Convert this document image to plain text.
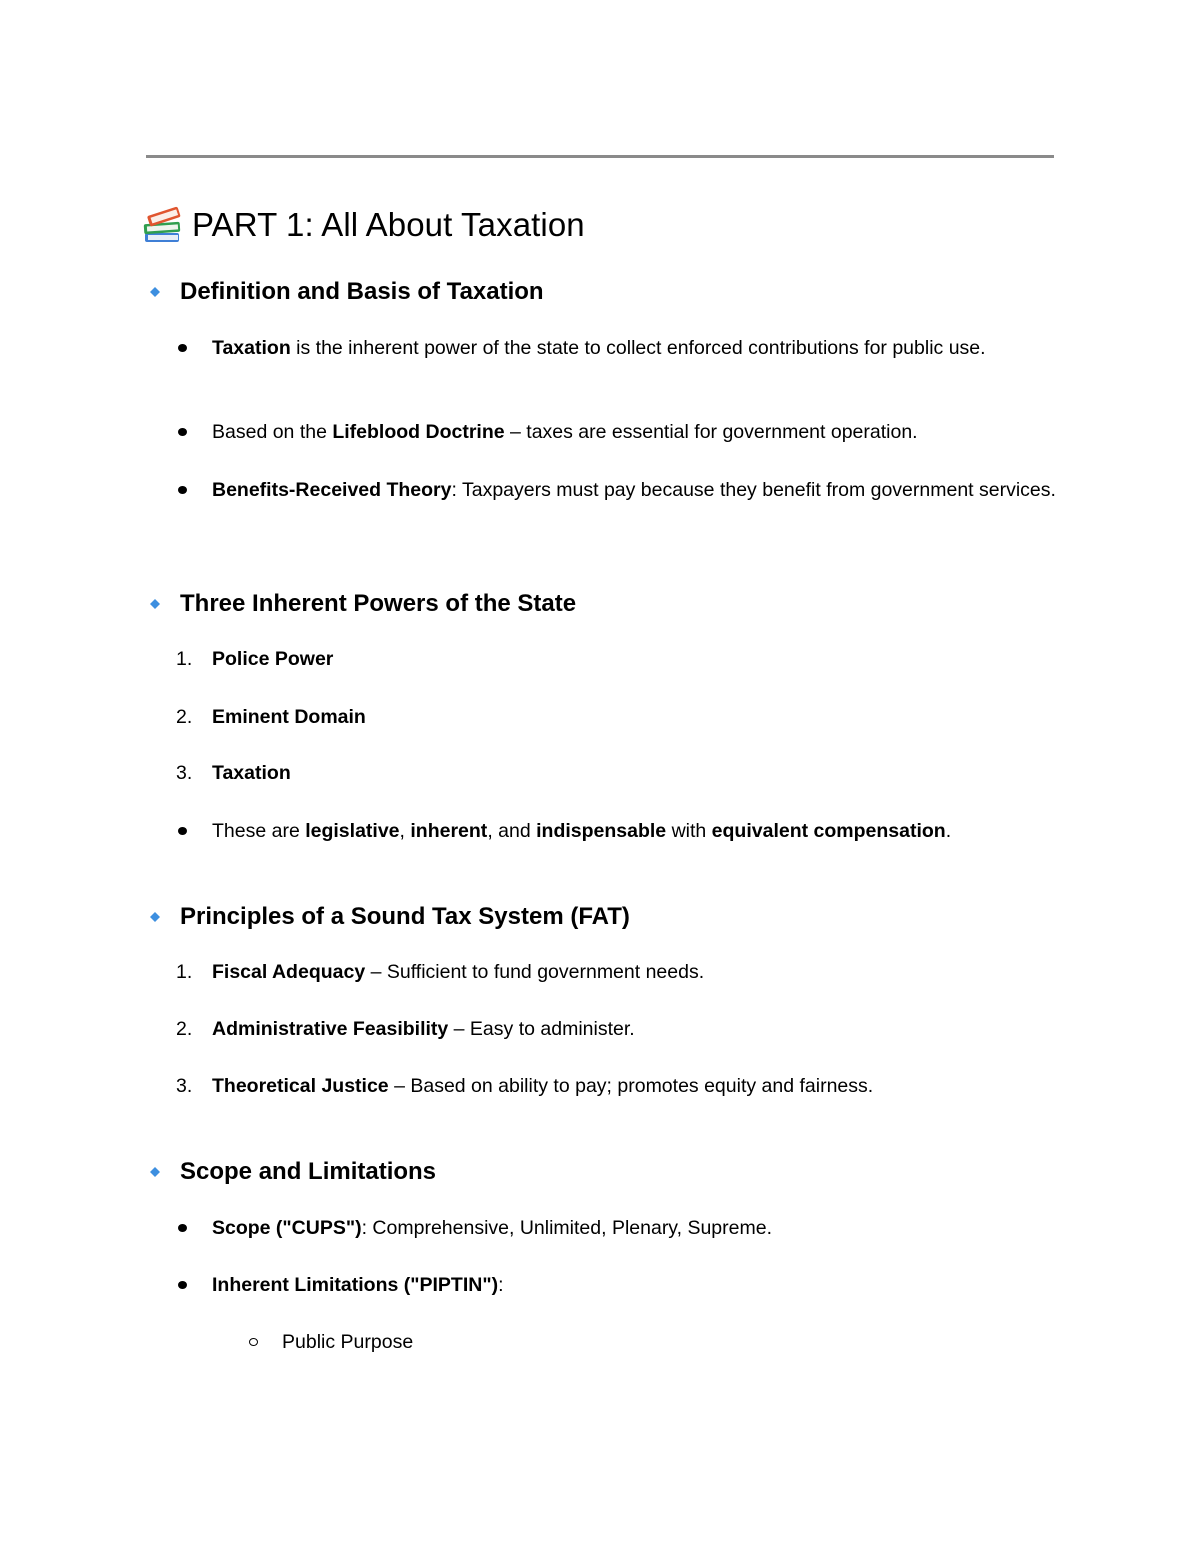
PART 1: All About Taxation
Definition and Basis of Taxation
Taxation is the inherent power of the state to collect enforced contributions for public use.
Based on the Lifeblood Doctrine – taxes are essential for government operation.
Benefits-Received Theory: Taxpayers must pay because they benefit from government services.
Three Inherent Powers of the State
1. Police Power
2. Eminent Domain
3. Taxation
These are legislative, inherent, and indispensable with equivalent compensation.
Principles of a Sound Tax System (FAT)
1. Fiscal Adequacy – Sufficient to fund government needs.
2. Administrative Feasibility – Easy to administer.
3. Theoretical Justice – Based on ability to pay; promotes equity and fairness.
Scope and Limitations
Scope ("CUPS"): Comprehensive, Unlimited, Plenary, Supreme.
Inherent Limitations ("PIPTIN"):
Public Purpose
